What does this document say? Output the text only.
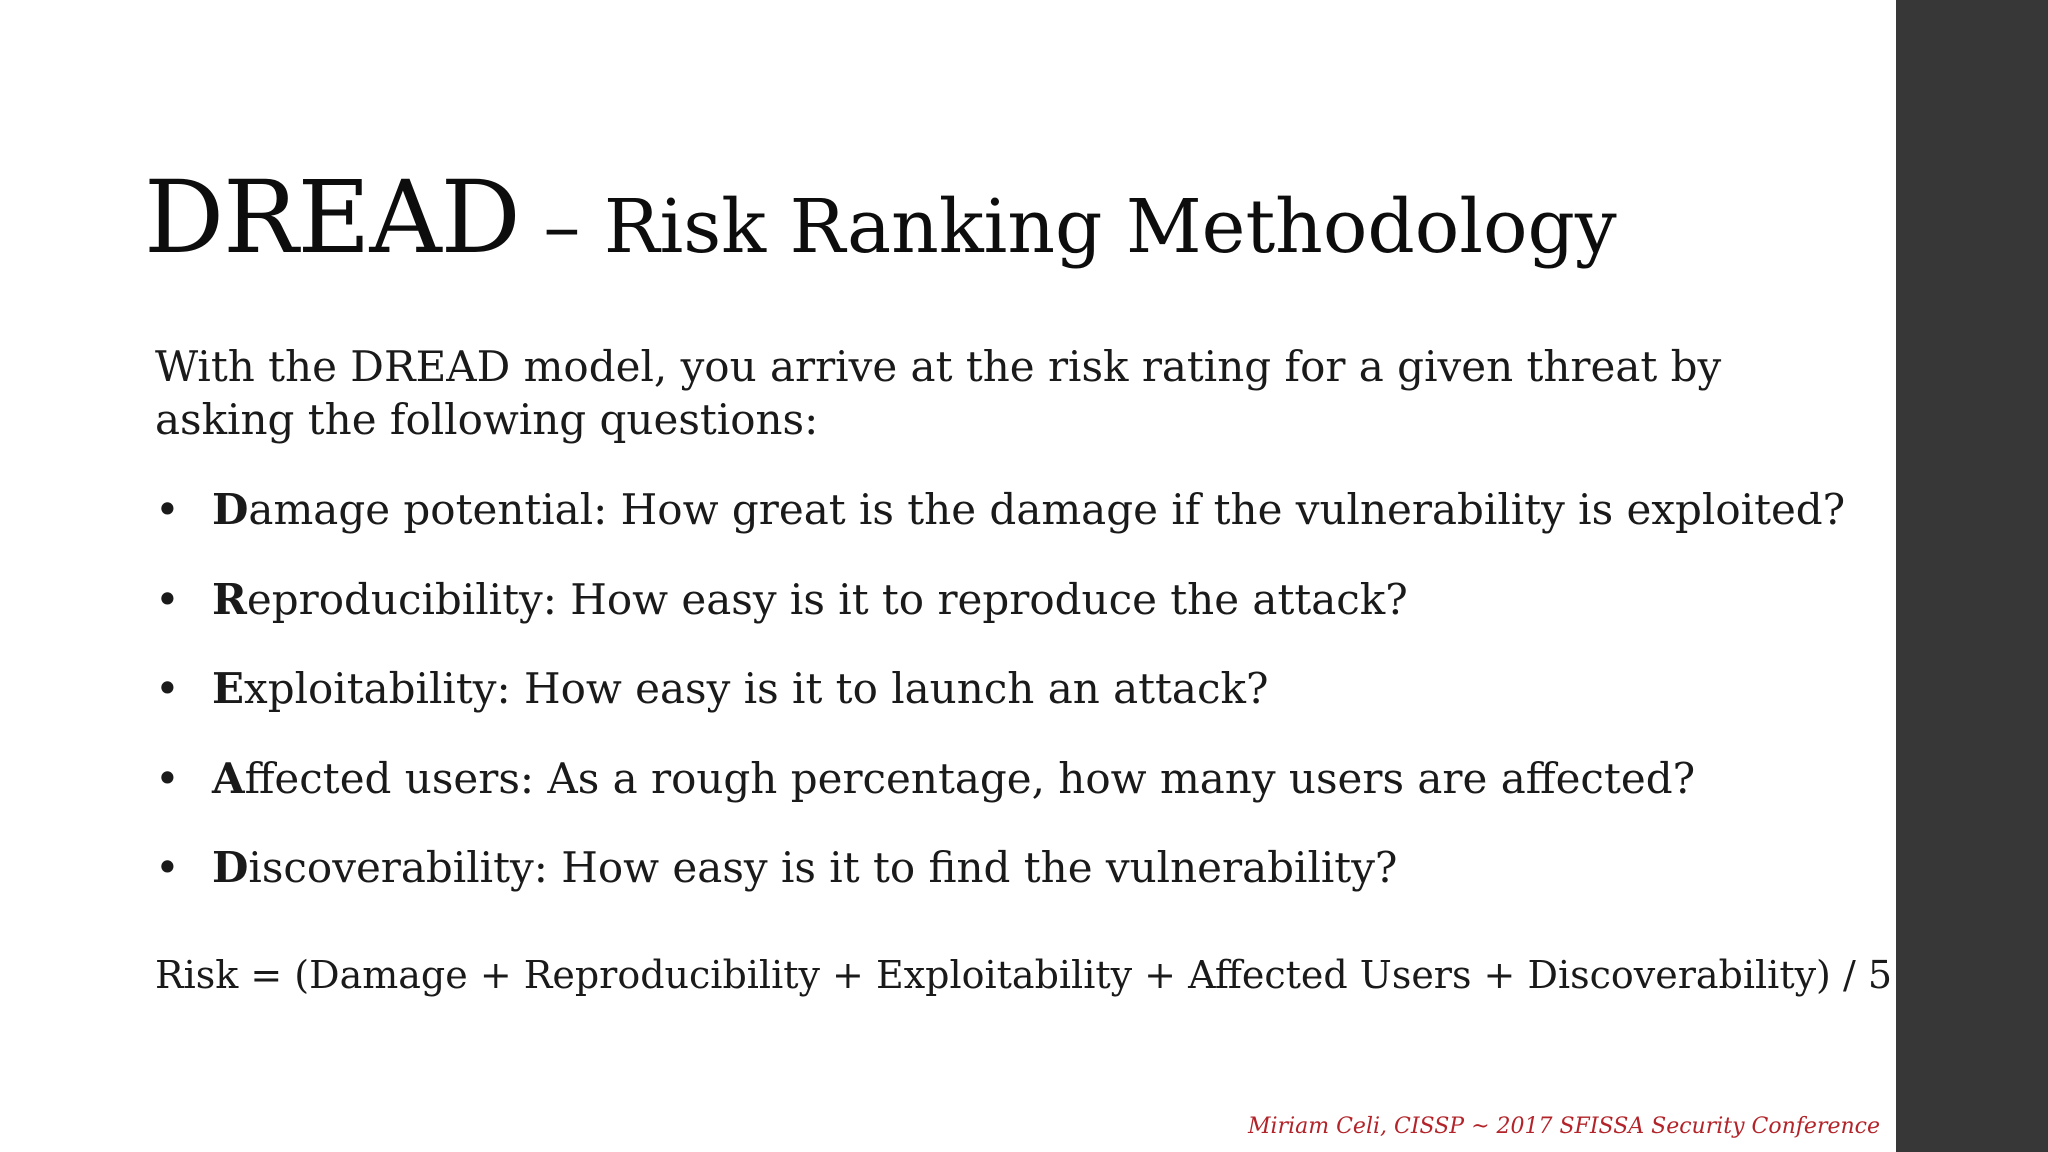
DREAD – Risk Ranking Methodology
With the DREAD model, you arrive at the risk rating for a given threat by asking the following questions:
• Damage potential: How great is the damage if the vulnerability is exploited?
• Reproducibility: How easy is it to reproduce the attack?
• Exploitability: How easy is it to launch an attack?
• Affected users: As a rough percentage, how many users are affected?
• Discoverability: How easy is it to find the vulnerability?
Risk = (Damage + Reproducibility + Exploitability + Affected Users + Discoverability) / 5
Miriam Celi, CISSP ~ 2017 SFISSA Security Conference
